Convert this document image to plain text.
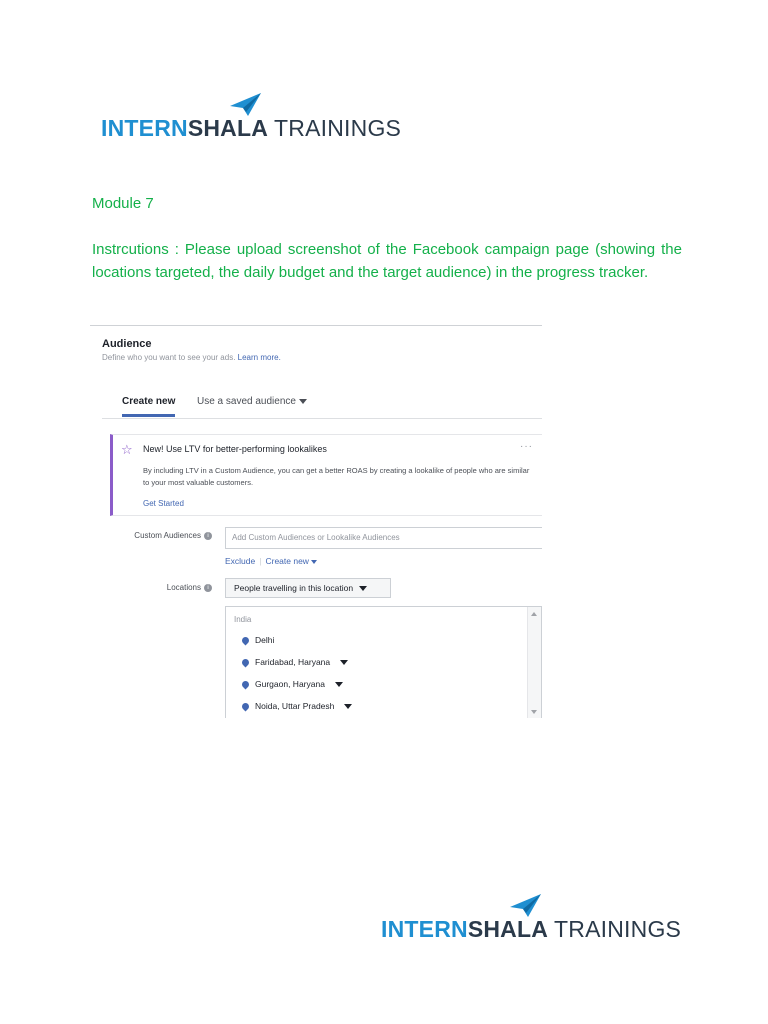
INTERNSHALA TRAININGS
Module 7
Instrcutions : Please upload screenshot of the Facebook campaign page (showing the locations targeted, the daily budget and the target audience) in the progress tracker.
Audience
Define who you want to see your ads. Learn more.
Create new Use a saved audience
☆ New! Use LTV for better-performing lookalikes	···
By including LTV in a Custom Audience, you can get a better ROAS by creating a lookalike of people who are similar to your most valuable customers.
Get Started
Custom Audiences i	Add Custom Audiences or Lookalike Audiences
Exclude | Create new
Locations i	People travelling in this location
India
Delhi
Faridabad, Haryana
Gurgaon, Haryana
Noida, Uttar Pradesh
INTERNSHALA TRAININGS
